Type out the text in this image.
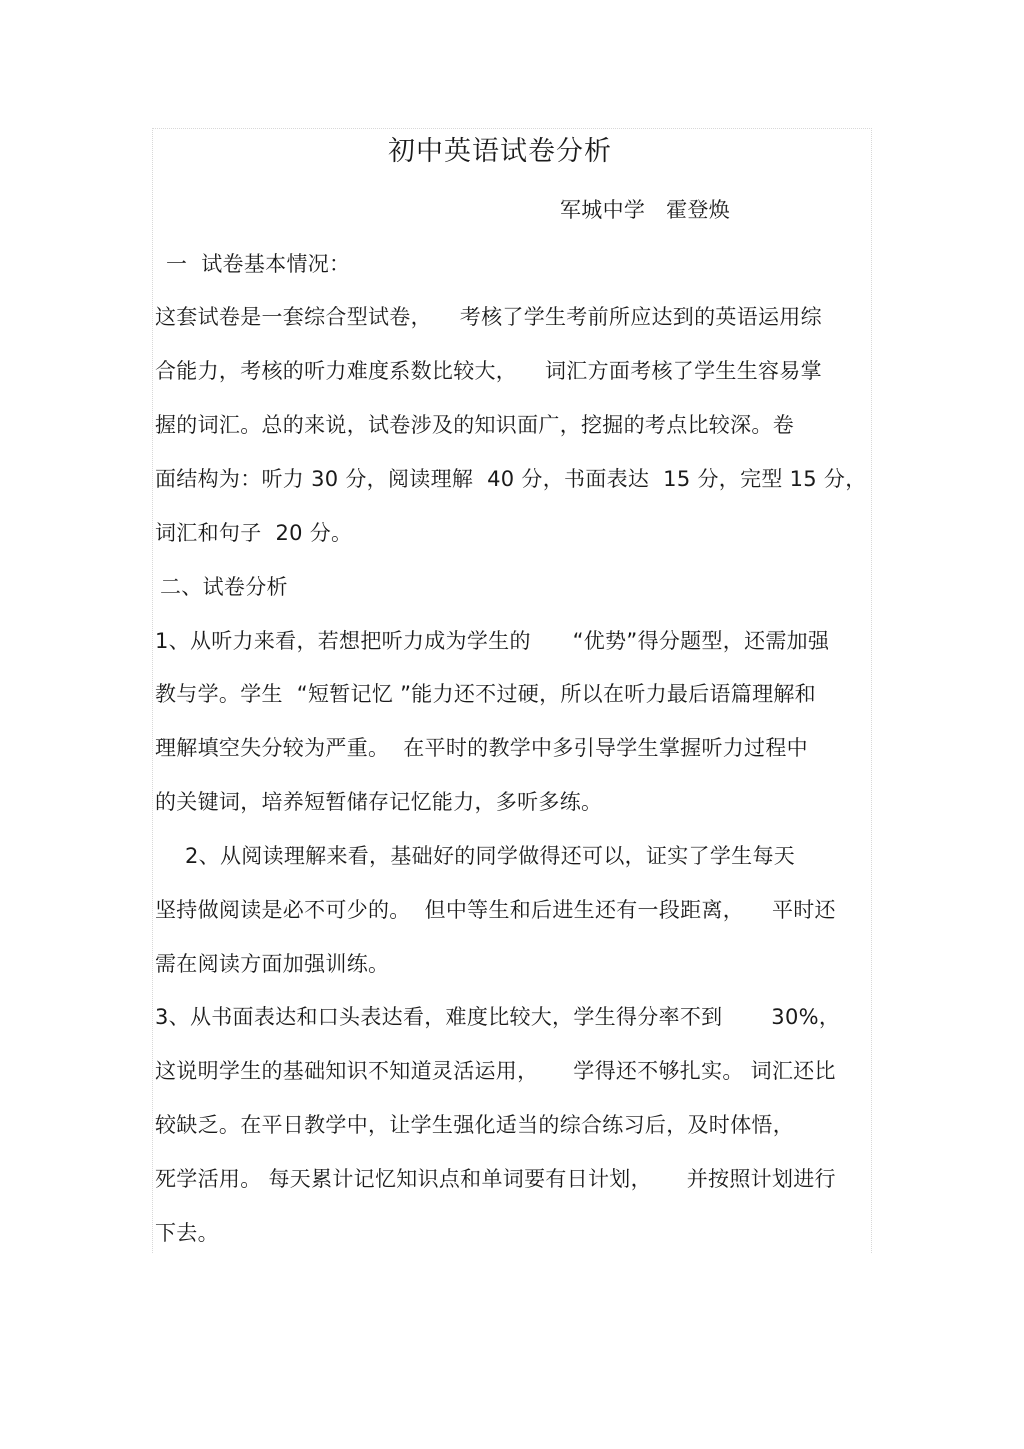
初中英语试卷分析
军城中学   霍登焕
一  试卷基本情况：
这套试卷是一套综合型试卷，    考核了学生考前所应达到的英语运用综
合能力，考核的听力难度系数比较大，    词汇方面考核了学生生容易掌
握的词汇。总的来说，试卷涉及的知识面广，挖掘的考点比较深。卷
面结构为：听力 30 分，阅读理解  40 分，书面表达  15 分，完型 15 分，
词汇和句子  20 分。
二、试卷分析
1、从听力来看，若想把听力成为学生的      “优势”得分题型，还需加强
教与学。学生  “短暂记忆 ”能力还不过硬，所以在听力最后语篇理解和
理解填空失分较为严重。  在平时的教学中多引导学生掌握听力过程中
的关键词，培养短暂储存记忆能力，多听多练。
2、从阅读理解来看，基础好的同学做得还可以，证实了学生每天
坚持做阅读是必不可少的。  但中等生和后进生还有一段距离，    平时还
需在阅读方面加强训练。
3、从书面表达和口头表达看，难度比较大，学生得分率不到       30%，
这说明学生的基础知识不知道灵活运用，     学得还不够扎实。 词汇还比
较缺乏。在平日教学中，让学生强化适当的综合练习后，及时体悟，
死学活用。 每天累计记忆知识点和单词要有日计划，     并按照计划进行
下去。
